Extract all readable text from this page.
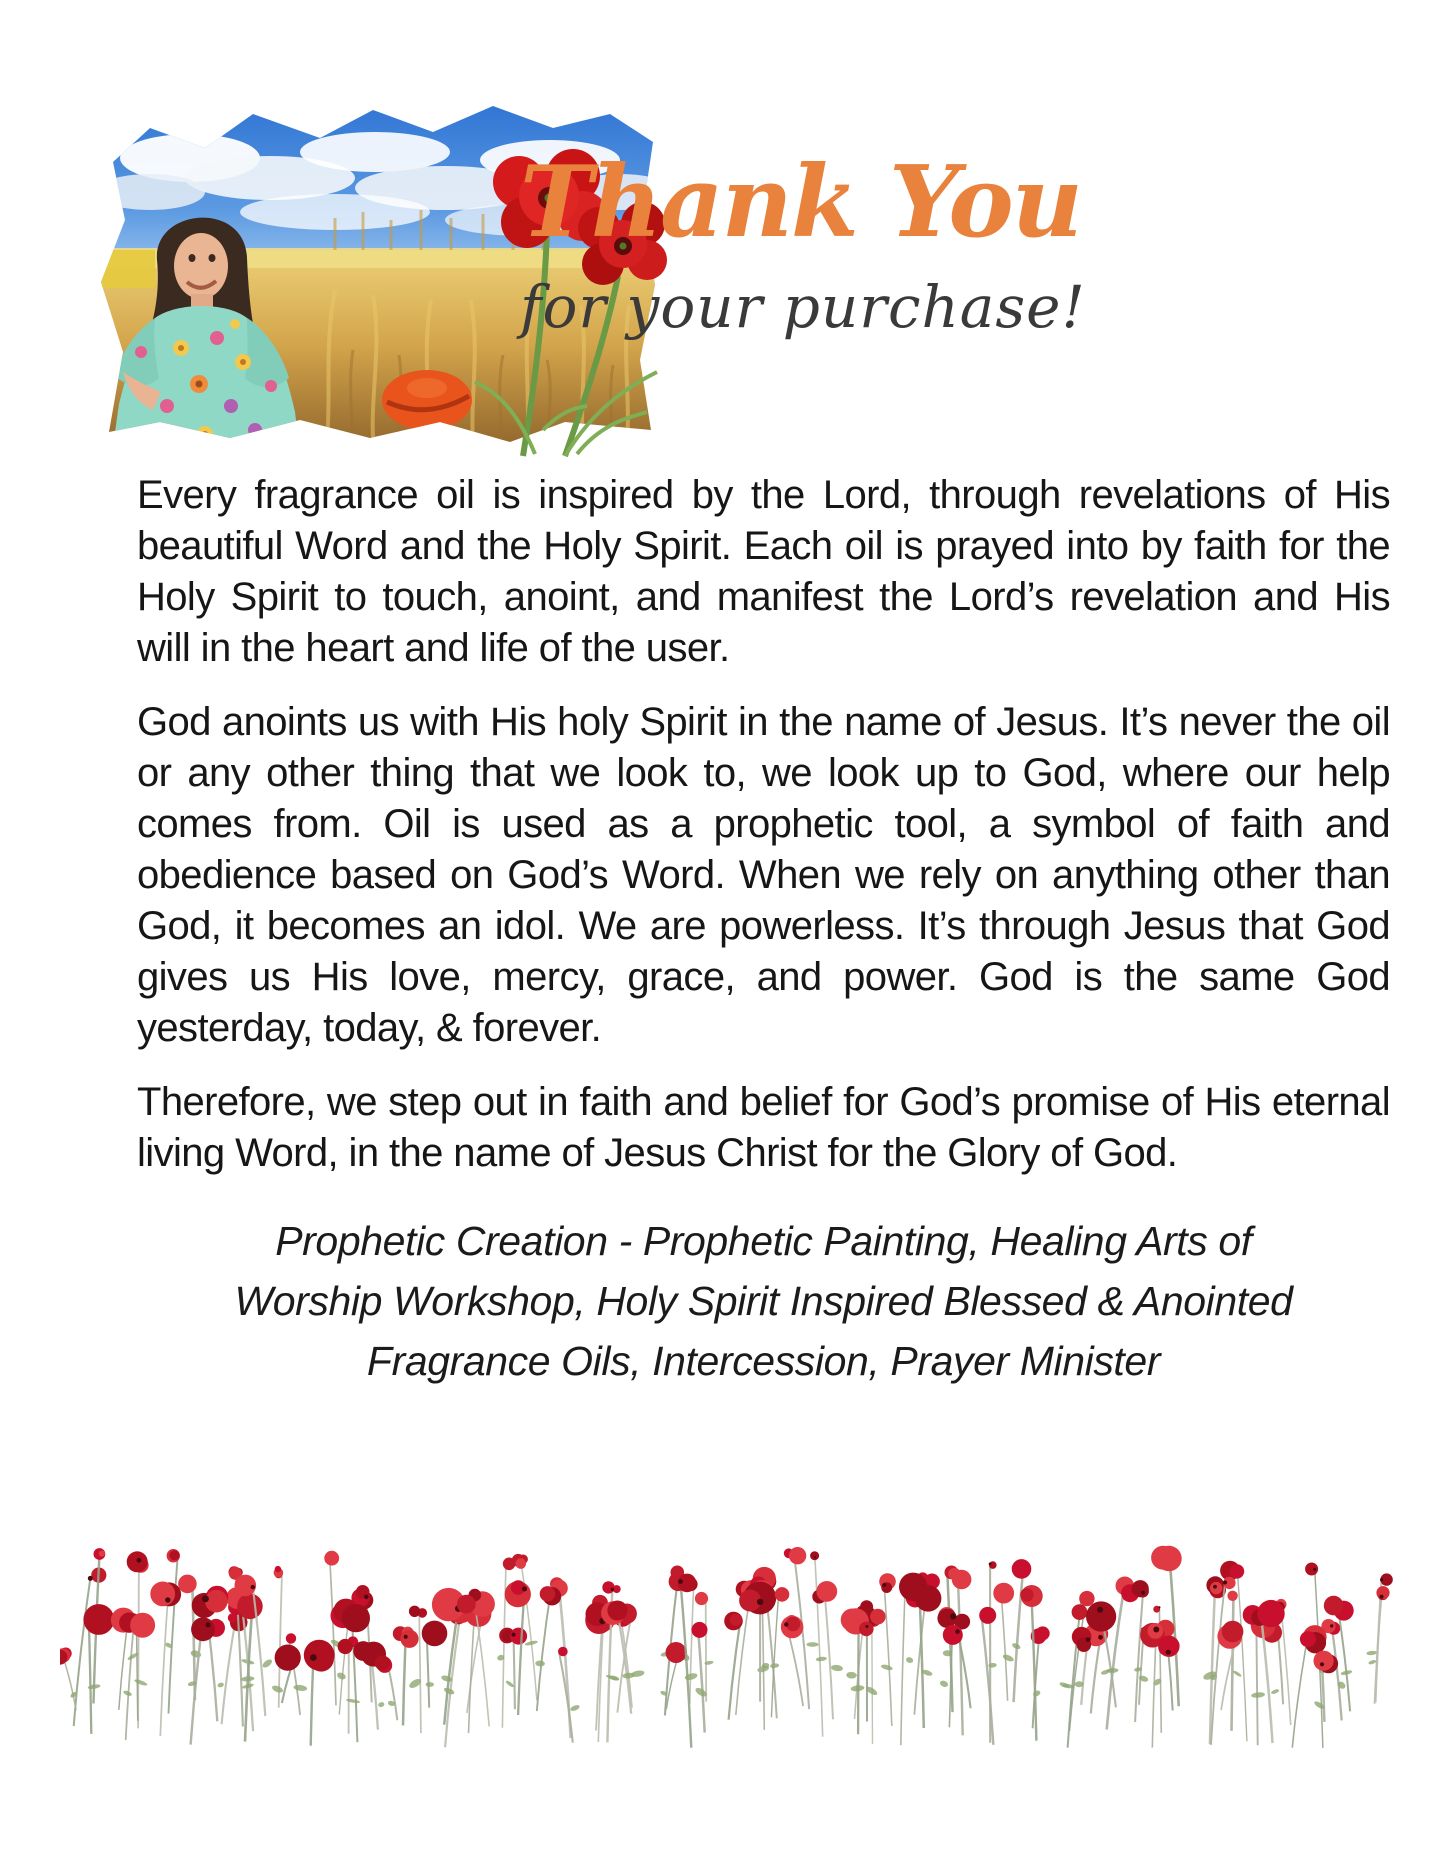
Thank You
for your purchase!

Every fragrance oil is inspired by the Lord, through revelations of His beautiful Word and the Holy Spirit. Each oil is prayed into by faith for the Holy Spirit to touch, anoint, and manifest the Lord’s revelation and His will in the heart and life of the user.

God anoints us with His holy Spirit in the name of Jesus. It’s never the oil or any other thing that we look to, we look up to God, where our help comes from. Oil is used as a prophetic tool, a symbol of faith and obedience based on God’s Word. When we rely on anything other than God, it becomes an idol. We are powerless. It’s through Jesus that God gives us His love, mercy, grace, and power. God is the same God yesterday, today, & forever.

Therefore, we step out in faith and belief for God’s promise of His eternal living Word, in the name of Jesus Christ for the Glory of God.

Prophetic Creation - Prophetic Painting, Healing Arts of Worship Workshop, Holy Spirit Inspired Blessed & Anointed Fragrance Oils, Intercession, Prayer Minister
